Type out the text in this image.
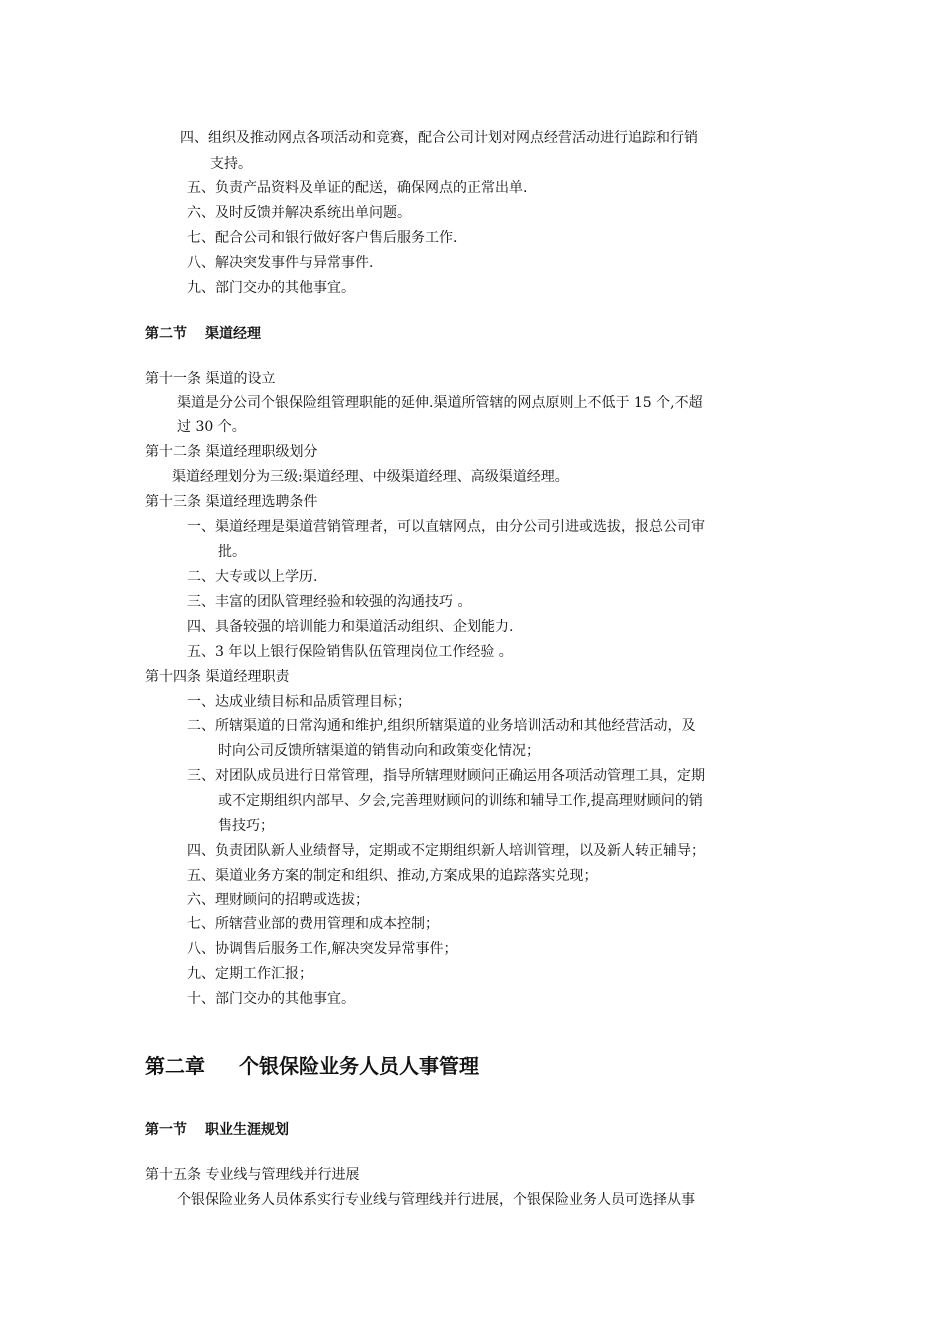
四、组织及推动网点各项活动和竞赛，配合公司计划对网点经营活动进行追踪和行销
支持。
五、负责产品资料及单证的配送，确保网点的正常出单.
六、及时反馈并解决系统出单问题。
七、配合公司和银行做好客户售后服务工作.
八、解决突发事件与异常事件.
九、部门交办的其他事宜。
第二节 渠道经理
第十一条 渠道的设立
渠道是分公司个银保险组管理职能的延伸.渠道所管辖的网点原则上不低于 15 个,不超
过 30 个。
第十二条 渠道经理职级划分
渠道经理划分为三级:渠道经理、中级渠道经理、高级渠道经理。
第十三条 渠道经理选聘条件
一、渠道经理是渠道营销管理者，可以直辖网点，由分公司引进或选拔，报总公司审
批。
二、大专或以上学历.
三、丰富的团队管理经验和较强的沟通技巧 。
四、具备较强的培训能力和渠道活动组织、企划能力.
五、3 年以上银行保险销售队伍管理岗位工作经验 。
第十四条 渠道经理职责
一、达成业绩目标和品质管理目标；
二、所辖渠道的日常沟通和维护,组织所辖渠道的业务培训活动和其他经营活动，及
时向公司反馈所辖渠道的销售动向和政策变化情况；
三、对团队成员进行日常管理，指导所辖理财顾问正确运用各项活动管理工具，定期
或不定期组织内部早、夕会,完善理财顾问的训练和辅导工作,提高理财顾问的销
售技巧；
四、负责团队新人业绩督导，定期或不定期组织新人培训管理，以及新人转正辅导；
五、渠道业务方案的制定和组织、推动,方案成果的追踪落实兑现；
六、理财顾问的招聘或选拔；
七、所辖营业部的费用管理和成本控制；
八、协调售后服务工作,解决突发异常事件；
九、定期工作汇报；
十、部门交办的其他事宜。
第二章 个银保险业务人员人事管理
第一节 职业生涯规划
第十五条 专业线与管理线并行进展
个银保险业务人员体系实行专业线与管理线并行进展，个银保险业务人员可选择从事
